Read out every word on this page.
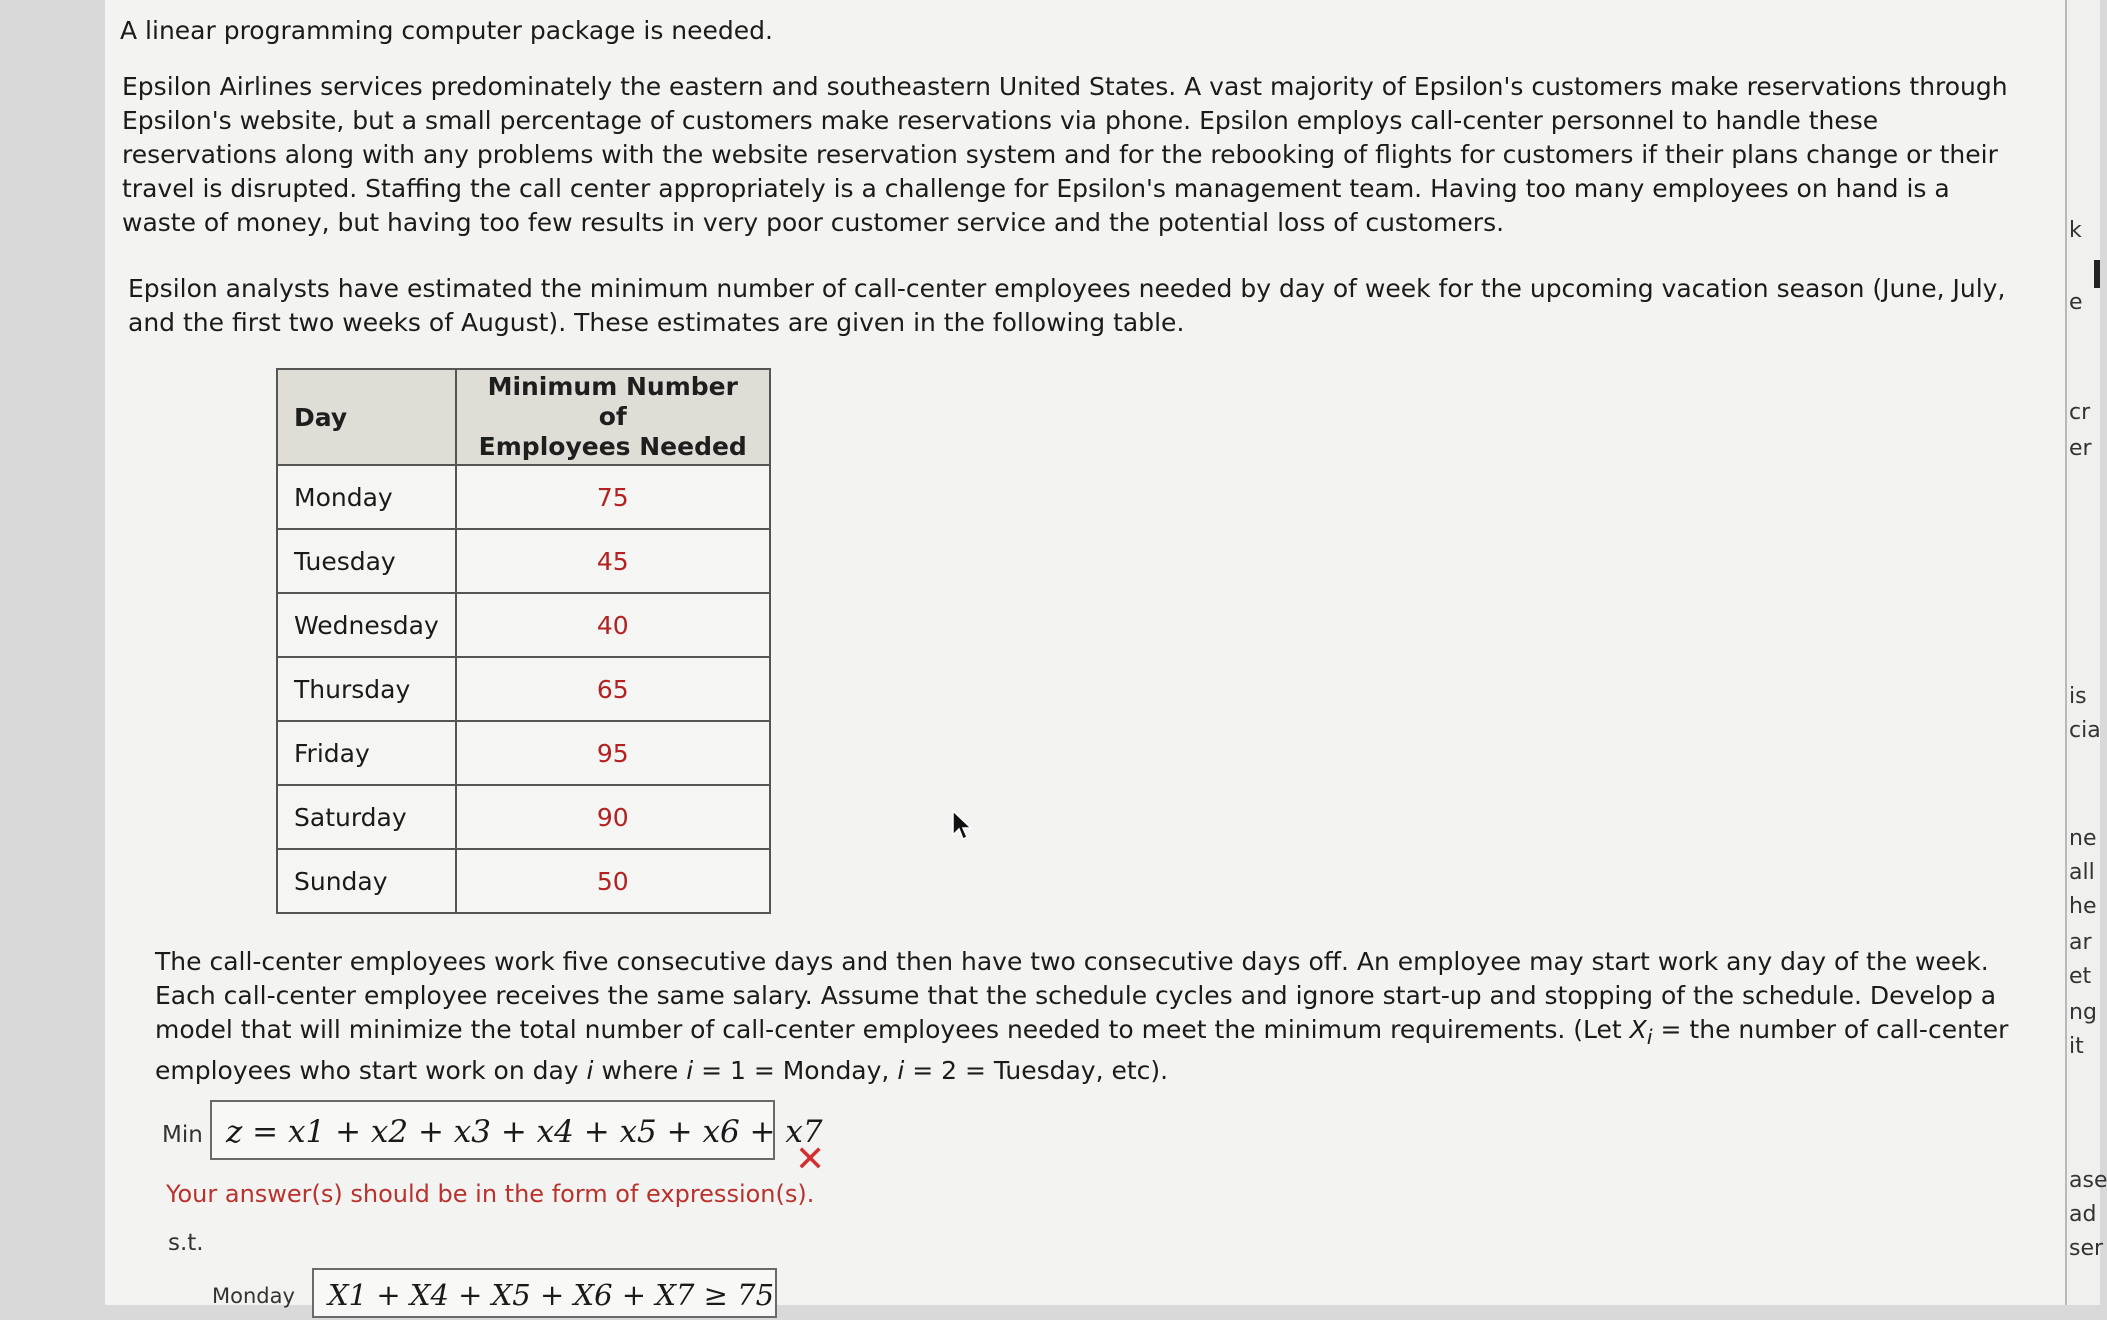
A linear programming computer package is needed.
Epsilon Airlines services predominately the eastern and southeastern United States. A vast majority of Epsilon's customers make reservations through Epsilon's website, but a small percentage of customers make reservations via phone. Epsilon employs call-center personnel to handle these reservations along with any problems with the website reservation system and for the rebooking of flights for customers if their plans change or their travel is disrupted. Staffing the call center appropriately is a challenge for Epsilon's management team. Having too many employees on hand is a waste of money, but having too few results in very poor customer service and the potential loss of customers.
Epsilon analysts have estimated the minimum number of call-center employees needed by day of week for the upcoming vacation season (June, July, and the first two weeks of August). These estimates are given in the following table.
Day	Minimum Number of
Employees Needed
Monday	75
Tuesday	45
Wednesday	40
Thursday	65
Friday	95
Saturday	90
Sunday	50
The call-center employees work five consecutive days and then have two consecutive days off. An employee may start work any day of the week. Each call-center employee receives the same salary. Assume that the schedule cycles and ignore start-up and stopping of the schedule. Develop a model that will minimize the total number of call-center employees needed to meet the minimum requirements. (Let $X_i$ = the number of call-center employees who start work on day i where i = 1 = Monday, i = 2 = Tuesday, etc).
Min z = x1 + x2 + x3 + x4 + x5 + x6 + x7
✕
Your answer(s) should be in the form of expression(s).
s.t.
Monday	X1 + X4 + X5 + X6 + X7 ≥ 75
k
e
cr
er
is
cia
ne
all
he
ar
et
ng
it
ase
ad
ser
